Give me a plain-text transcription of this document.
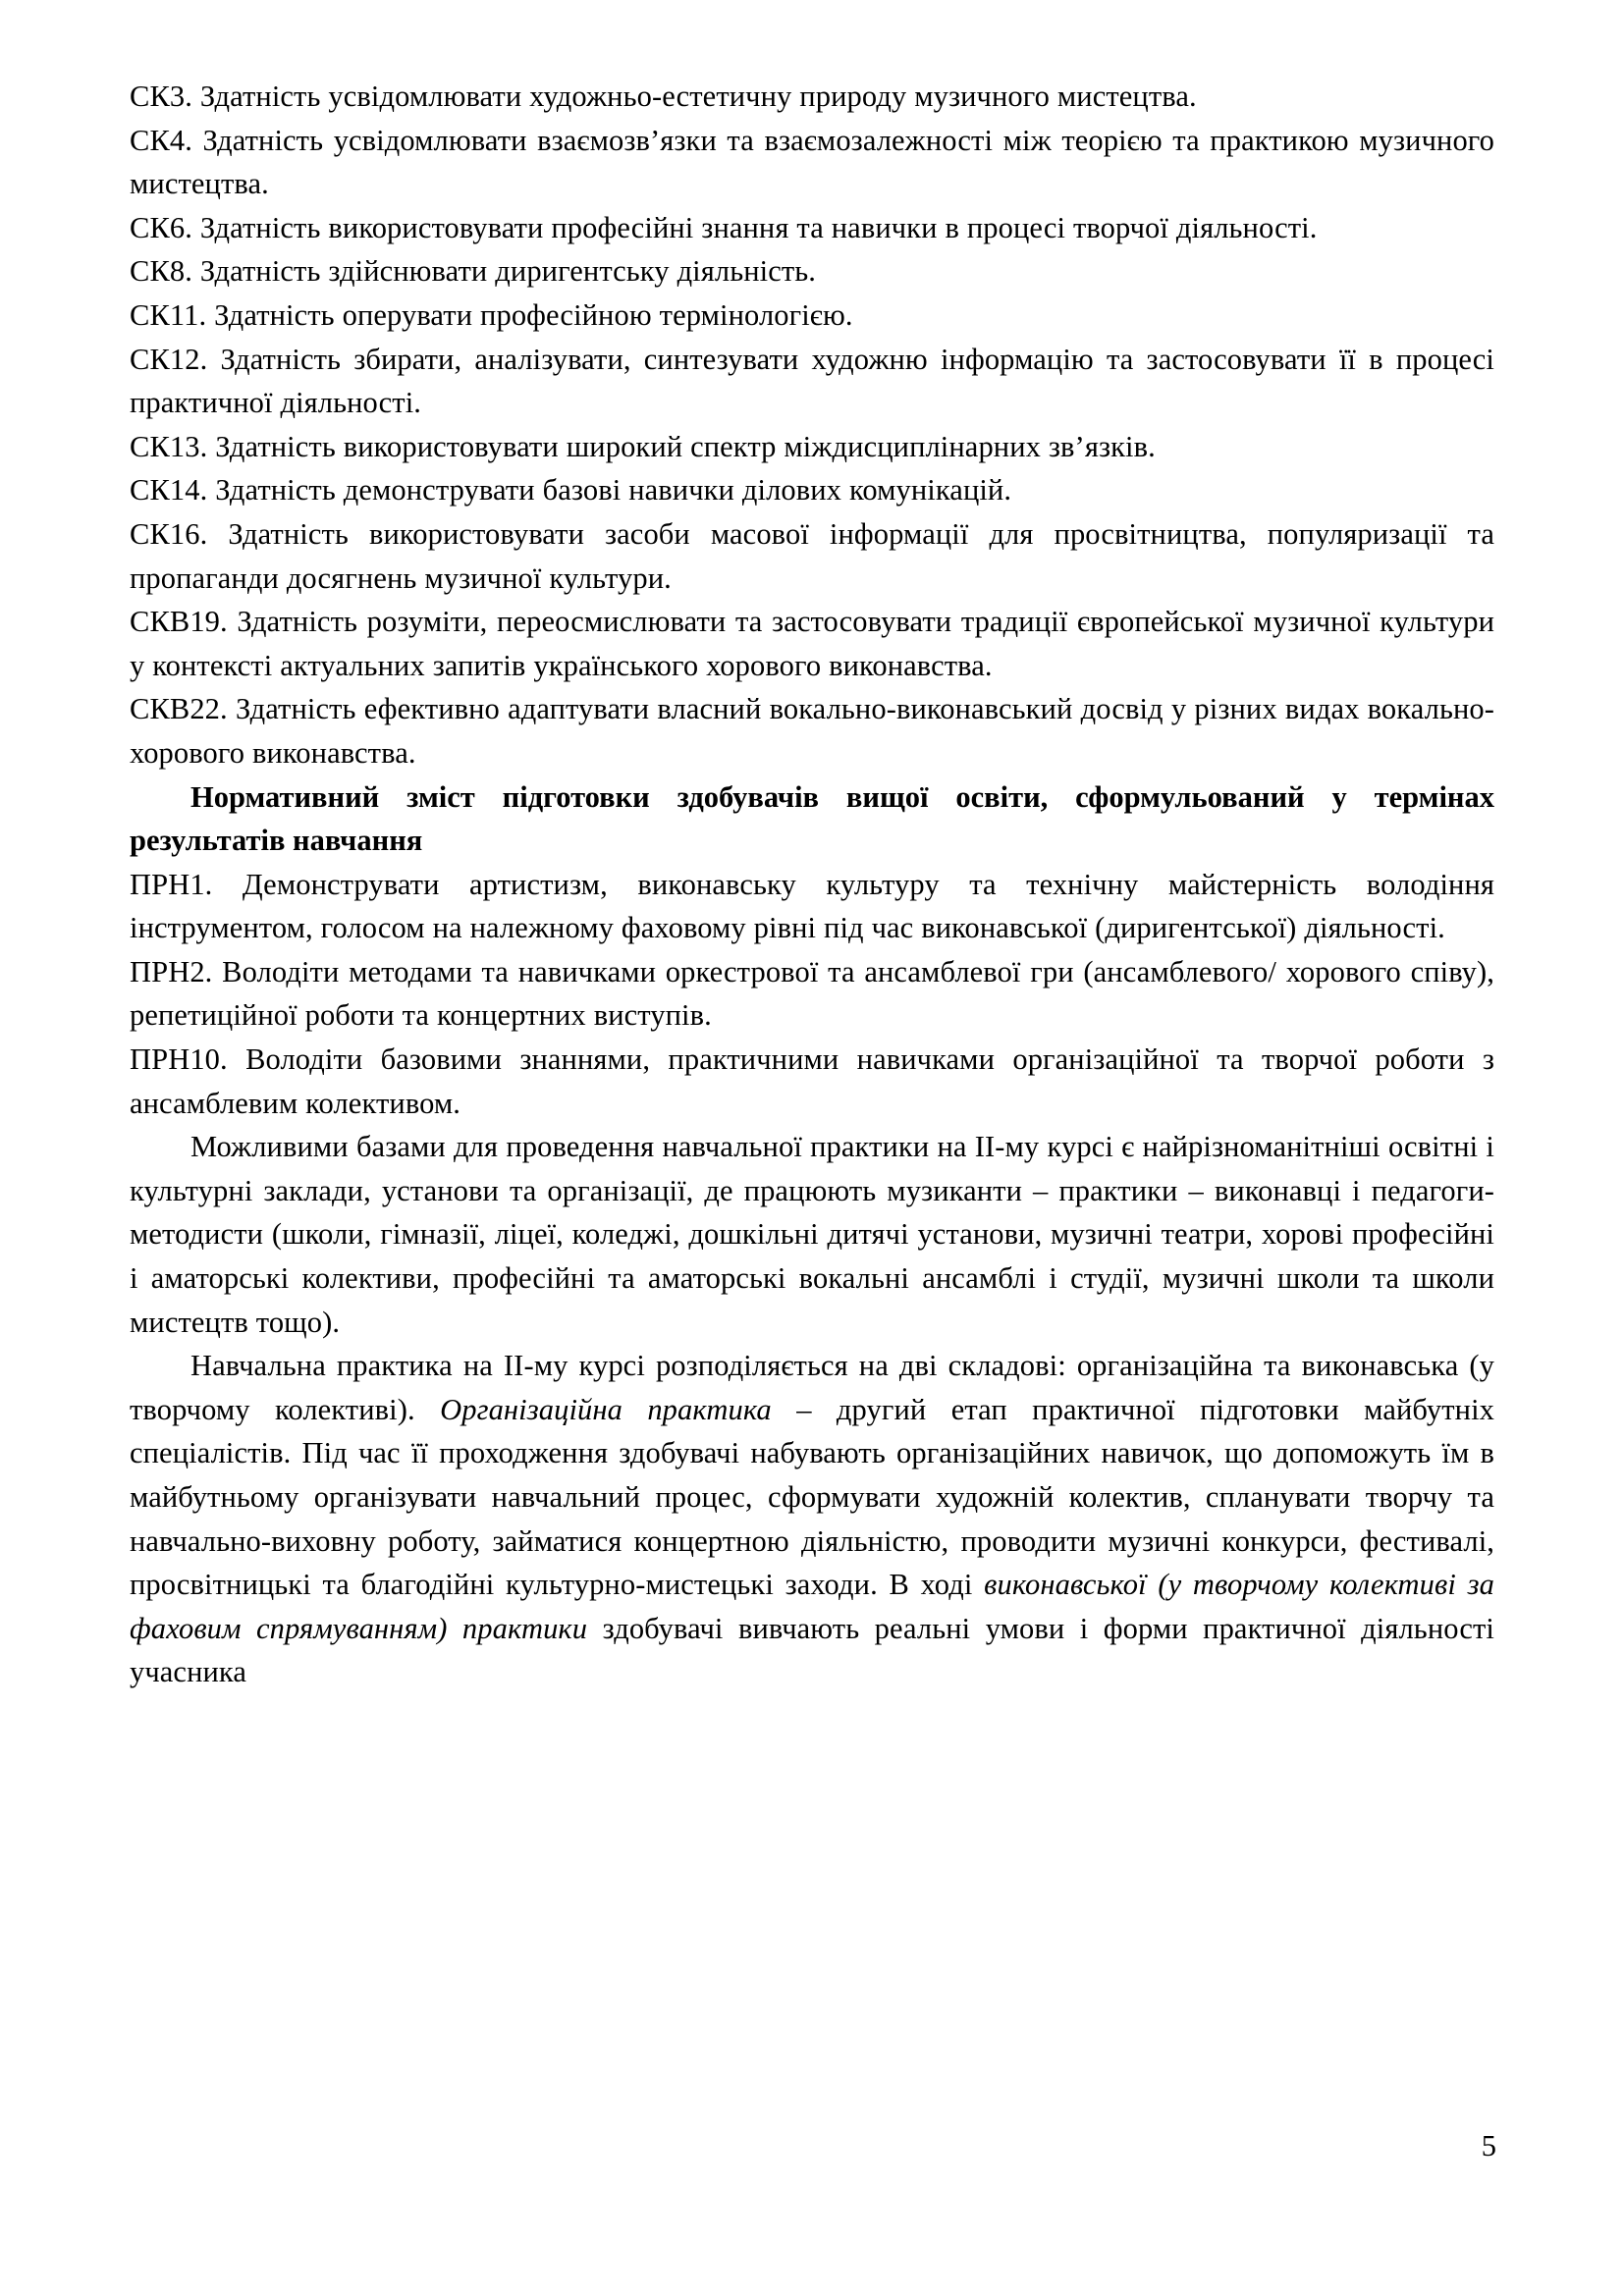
СК3. Здатність усвідомлювати художньо-естетичну природу музичного мистецтва.

СК4. Здатність усвідомлювати взаємозв’язки та взаємозалежності між теорією та практикою музичного мистецтва.

СК6. Здатність використовувати професійні знання та навички в процесі творчої діяльності.

СК8. Здатність здійснювати диригентську діяльність.

СК11. Здатність оперувати професійною термінологією.

СК12. Здатність збирати, аналізувати, синтезувати художню інформацію та застосовувати її в процесі практичної діяльності.

СК13. Здатність використовувати широкий спектр міждисциплінарних зв’язків.

СК14. Здатність демонструвати базові навички ділових комунікацій.

СК16. Здатність використовувати засоби масової інформації для просвітництва, популяризації та пропаганди досягнень музичної культури.

СКВ19. Здатність розуміти, переосмислювати та застосовувати традиції європейської музичної культури у контексті актуальних запитів українського хорового виконавства.

СКВ22. Здатність ефективно адаптувати власний вокально-виконавський досвід у різних видах вокально-хорового виконавства.

Нормативний зміст підготовки здобувачів вищої освіти, сформульований у термінах результатів навчання

ПРН1. Демонструвати артистизм, виконавську культуру та технічну майстерність володіння інструментом, голосом на належному фаховому рівні під час виконавської (диригентської) діяльності.

ПРН2. Володіти методами та навичками оркестрової та ансамблевої гри (ансамблевого/ хорового співу), репетиційної роботи та концертних виступів.

ПРН10. Володіти базовими знаннями, практичними навичками організаційної та творчої роботи з ансамблевим колективом.

Можливими базами для проведення навчальної практики на ІІ-му курсі є найрізноманітніші освітні і культурні заклади, установи та організації, де працюють музиканти – практики – виконавці і педагоги-методисти (школи, гімназії, ліцеї, коледжі, дошкільні дитячі установи, музичні театри, хорові професійні і аматорські колективи, професійні та аматорські вокальні ансамблі і студії, музичні школи та школи мистецтв тощо).

Навчальна практика на ІІ-му курсі розподіляється на дві складові: організаційна та виконавська (у творчому колективі). Організаційна практика – другий етап практичної підготовки майбутніх спеціалістів. Під час її проходження здобувачі набувають організаційних навичок, що допоможуть їм в майбутньому організувати навчальний процес, сформувати художній колектив, спланувати творчу та навчально-виховну роботу, займатися концертною діяльністю, проводити музичні конкурси, фестивалі, просвітницькі та благодійні культурно-мистецькі заходи. В ході виконавської (у творчому колективі за фаховим спрямуванням) практики здобувачі вивчають реальні умови і форми практичної діяльності учасника

5
